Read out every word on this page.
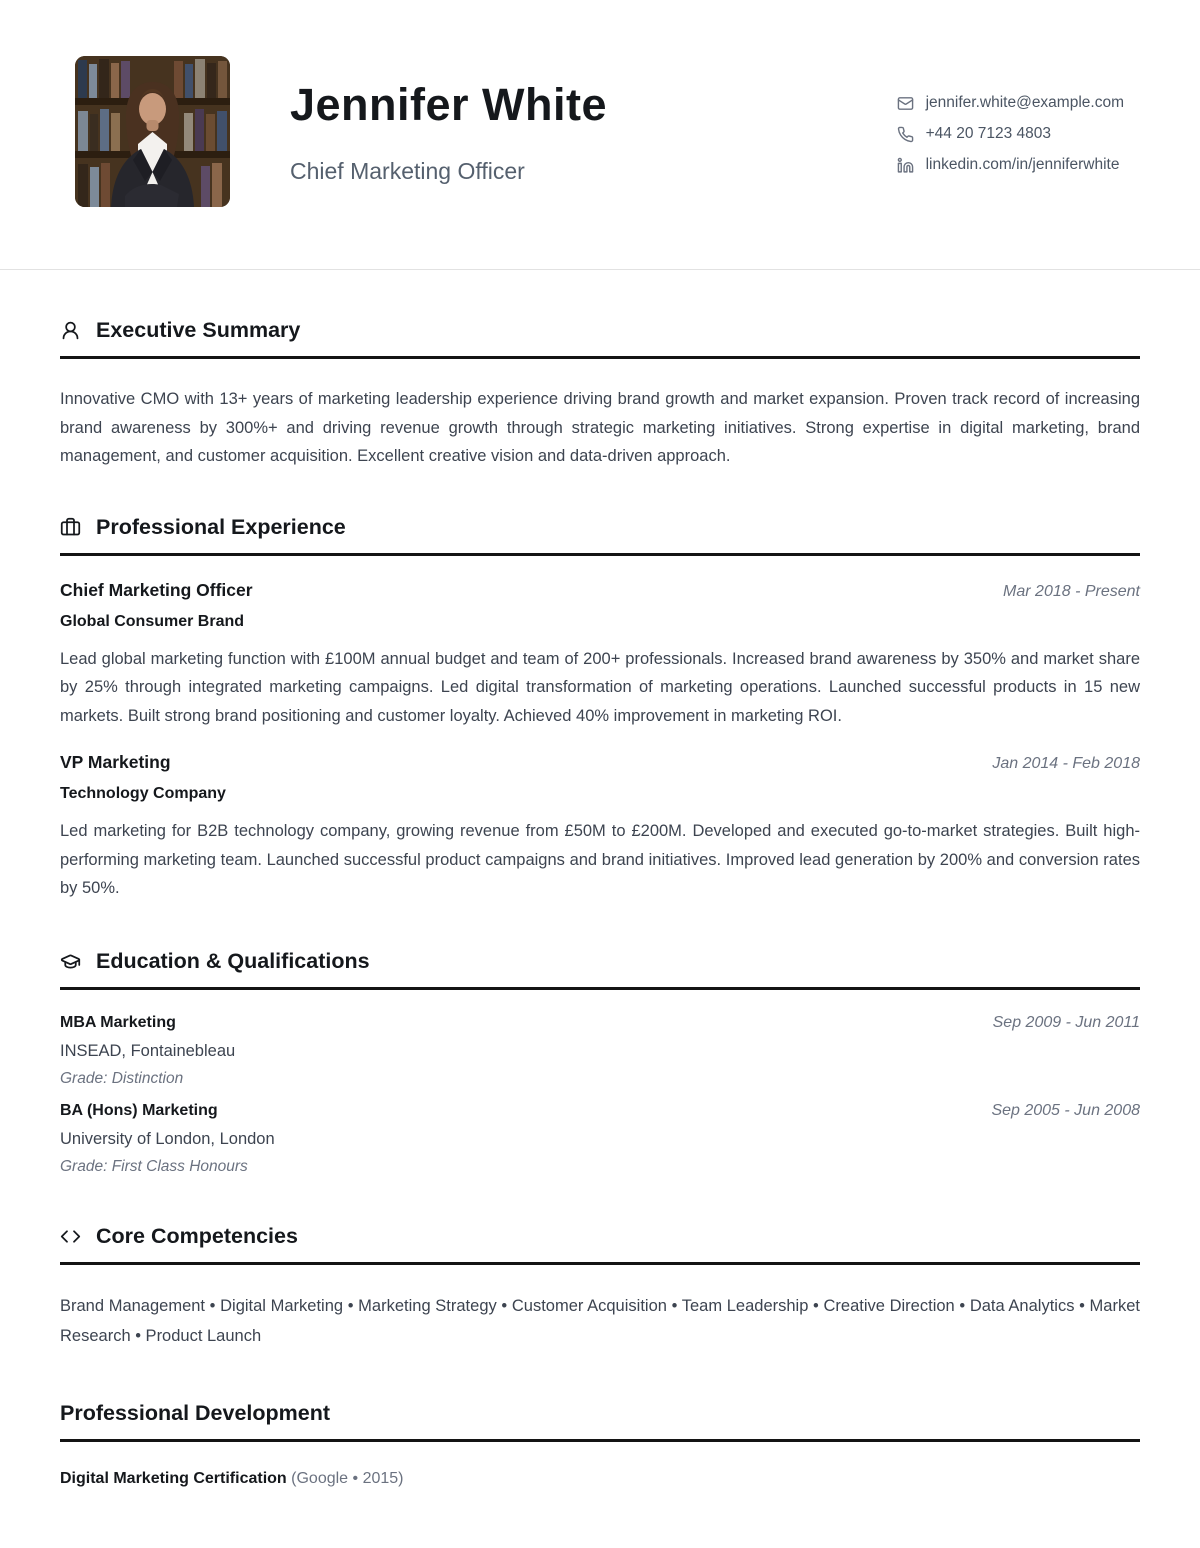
Jennifer White
Chief Marketing Officer
jennifer.white@example.com
+44 20 7123 4803
linkedin.com/in/jenniferwhite
Executive Summary

Innovative CMO with 13+ years of marketing leadership experience driving brand growth and market expansion. Proven track record of increasing brand awareness by 300%+ and driving revenue growth through strategic marketing initiatives. Strong expertise in digital marketing, brand management, and customer acquisition. Excellent creative vision and data-driven approach.

Professional Experience
Chief Marketing Officer	Mar 2018 - Present
Global Consumer Brand

Lead global marketing function with £100M annual budget and team of 200+ professionals. Increased brand awareness by 350% and market share by 25% through integrated marketing campaigns. Led digital transformation of marketing operations. Launched successful products in 15 new markets. Built strong brand positioning and customer loyalty. Achieved 40% improvement in marketing ROI.

VP Marketing	Jan 2014 - Feb 2018
Technology Company

Led marketing for B2B technology company, growing revenue from £50M to £200M. Developed and executed go-to-market strategies. Built high-performing marketing team. Launched successful product campaigns and brand initiatives. Improved lead generation by 200% and conversion rates by 50%.

Education & Qualifications
MBA Marketing	Sep 2009 - Jun 2011
INSEAD, Fontainebleau
Grade: Distinction
BA (Hons) Marketing	Sep 2005 - Jun 2008
University of London, London
Grade: First Class Honours
Core Competencies

Brand Management • Digital Marketing • Marketing Strategy • Customer Acquisition • Team Leadership • Creative Direction • Data Analytics • Market Research • Product Launch

Professional Development

Digital Marketing Certification (Google • 2015)
